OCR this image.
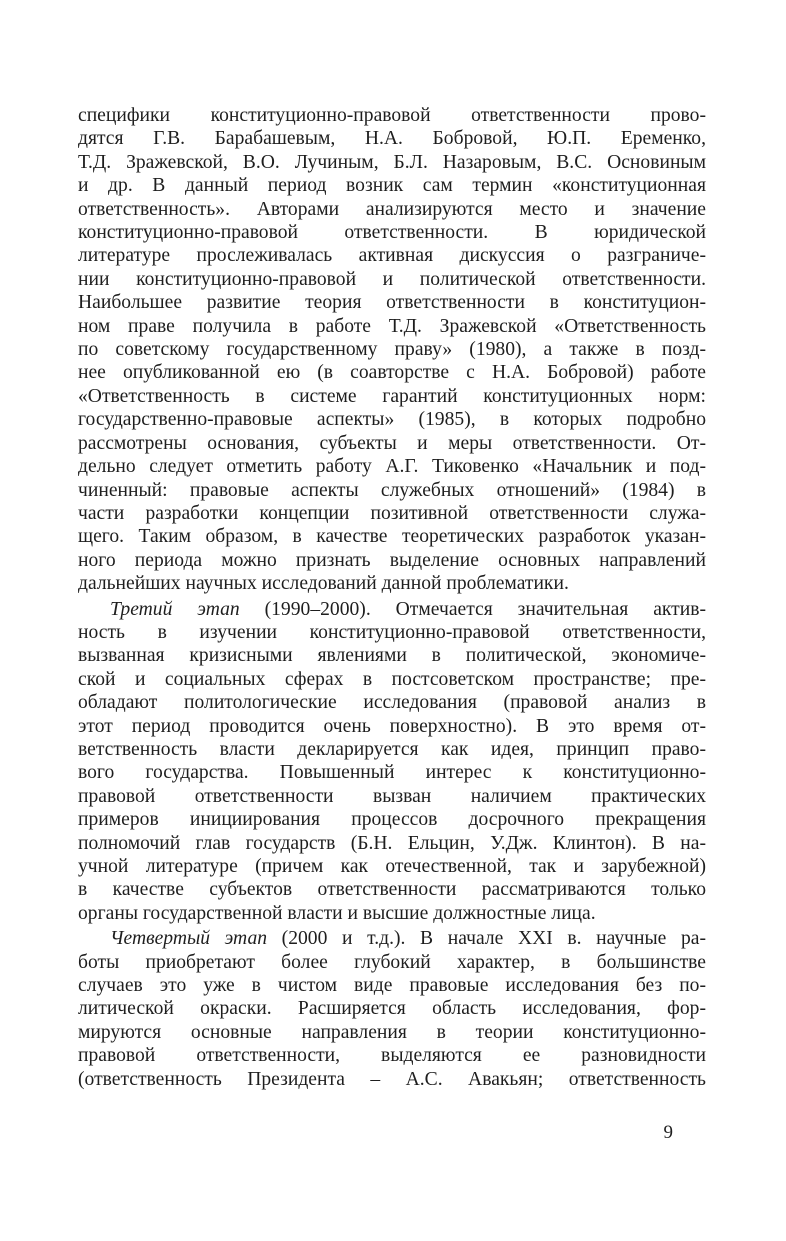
специфики конституционно-правовой ответственности прово-
дятся Г.В. Барабашевым, Н.А. Бобровой, Ю.П. Еременко,
Т.Д. Зражевской, В.О. Лучиным, Б.Л. Назаровым, В.С. Основиным
и др. В данный период возник сам термин «конституционная
ответственность». Авторами анализируются место и значение
конституционно-правовой ответственности. В юридической
литературе прослеживалась активная дискуссия о разграниче-
нии конституционно-правовой и политической ответственности.
Наибольшее развитие теория ответственности в конституцион-
ном праве получила в работе Т.Д. Зражевской «Ответственность
по советскому государственному праву» (1980), а также в позд-
нее опубликованной ею (в соавторстве с Н.А. Бобровой) работе
«Ответственность в системе гарантий конституционных норм:
государственно-правовые аспекты» (1985), в которых подробно
рассмотрены основания, субъекты и меры ответственности. От-
дельно следует отметить работу А.Г. Тиковенко «Начальник и под-
чиненный: правовые аспекты служебных отношений» (1984) в
части разработки концепции позитивной ответственности служа-
щего. Таким образом, в качестве теоретических разработок указан-
ного периода можно признать выделение основных направлений
дальнейших научных исследований данной проблематики.
Третий этап (1990–2000). Отмечается значительная актив-
ность в изучении конституционно-правовой ответственности,
вызванная кризисными явлениями в политической, экономиче-
ской и социальных сферах в постсоветском пространстве; пре-
обладают политологические исследования (правовой анализ в
этот период проводится очень поверхностно). В это время от-
ветственность власти декларируется как идея, принцип право-
вого государства. Повышенный интерес к конституционно-
правовой ответственности вызван наличием практических
примеров инициирования процессов досрочного прекращения
полномочий глав государств (Б.Н. Ельцин, У.Дж. Клинтон). В на-
учной литературе (причем как отечественной, так и зарубежной)
в качестве субъектов ответственности рассматриваются только
органы государственной власти и высшие должностные лица.
Четвертый этап (2000 и т.д.). В начале XXI в. научные ра-
боты приобретают более глубокий характер, в большинстве
случаев это уже в чистом виде правовые исследования без по-
литической окраски. Расширяется область исследования, фор-
мируются основные направления в теории конституционно-
правовой ответственности, выделяются ее разновидности
(ответственность Президента – А.С. Авакьян; ответственность
9
